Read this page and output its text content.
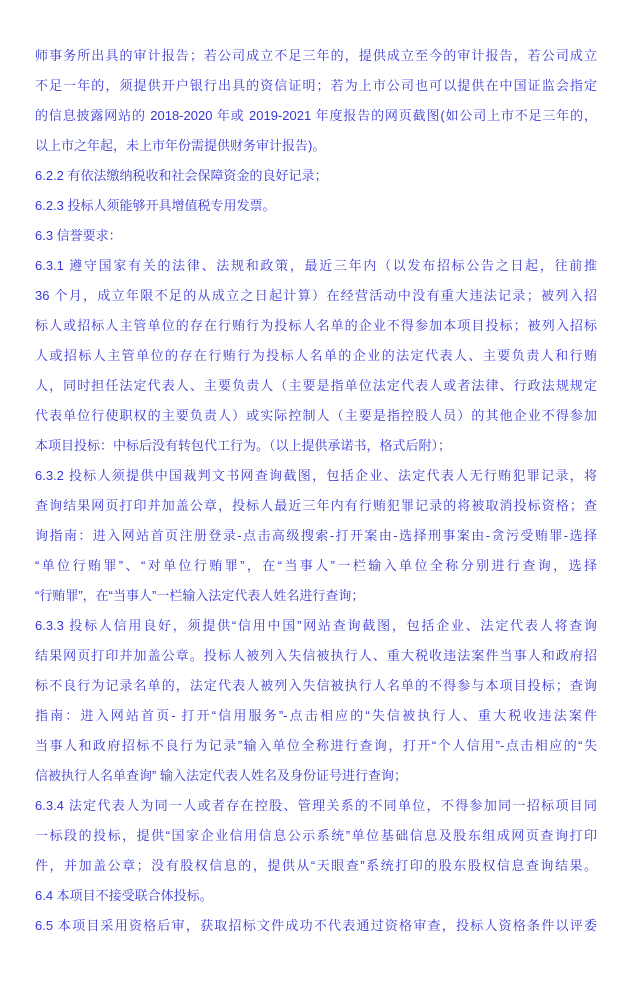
师事务所出具的审计报告；若公司成立不足三年的，提供成立至今的审计报告，若公司成立
不足一年的，须提供开户银行出具的资信证明；若为上市公司也可以提供在中国证监会指定
的信息披露网站的 2018-2020 年或 2019-2021 年度报告的网页截图(如公司上市不足三年的，
以上市之年起，未上市年份需提供财务审计报告)。
6.2.2 有依法缴纳税收和社会保障资金的良好记录；
6.2.3 投标人须能够开具增值税专用发票。
6.3 信誉要求：
6.3.1 遵守国家有关的法律、法规和政策，最近三年内（以发布招标公告之日起，往前推
36 个月，成立年限不足的从成立之日起计算）在经营活动中没有重大违法记录；被列入招
标人或招标人主管单位的存在行贿行为投标人名单的企业不得参加本项目投标；被列入招标
人或招标人主管单位的存在行贿行为投标人名单的企业的法定代表人、主要负责人和行贿
人，同时担任法定代表人、主要负责人（主要是指单位法定代表人或者法律、行政法规规定
代表单位行使职权的主要负责人）或实际控制人（主要是指控股人员）的其他企业不得参加
本项目投标：中标后没有转包代工行为。（以上提供承诺书，格式后附）；
6.3.2 投标人须提供中国裁判文书网查询截图，包括企业、法定代表人无行贿犯罪记录，将
查询结果网页打印并加盖公章，投标人最近三年内有行贿犯罪记录的将被取消投标资格；查
询指南：进入网站首页注册登录-点击高级搜索-打开案由-选择刑事案由-贪污受贿罪-选择
“单位行贿罪”、“对单位行贿罪”，在“当事人”一栏输入单位全称分别进行查询，选择
“行贿罪”，在“当事人”一栏输入法定代表人姓名进行查询；
6.3.3 投标人信用良好，须提供“信用中国”网站查询截图，包括企业、法定代表人将查询
结果网页打印并加盖公章。投标人被列入失信被执行人、重大税收违法案件当事人和政府招
标不良行为记录名单的，法定代表人被列入失信被执行人名单的不得参与本项目投标；查询
指南：进入网站首页- 打开“信用服务”-点击相应的“失信被执行人、重大税收违法案件
当事人和政府招标不良行为记录”输入单位全称进行查询，打开“个人信用”-点击相应的“失
信被执行人名单查询” 输入法定代表人姓名及身份证号进行查询；
6.3.4 法定代表人为同一人或者存在控股、管理关系的不同单位，不得参加同一招标项目同
一标段的投标，提供“国家企业信用信息公示系统”单位基础信息及股东组成网页查询打印
件，并加盖公章；没有股权信息的，提供从“天眼查”系统打印的股东股权信息查询结果。
6.4 本项目不接受联合体投标。
6.5 本项目采用资格后审，获取招标文件成功不代表通过资格审查，投标人资格条件以评委
